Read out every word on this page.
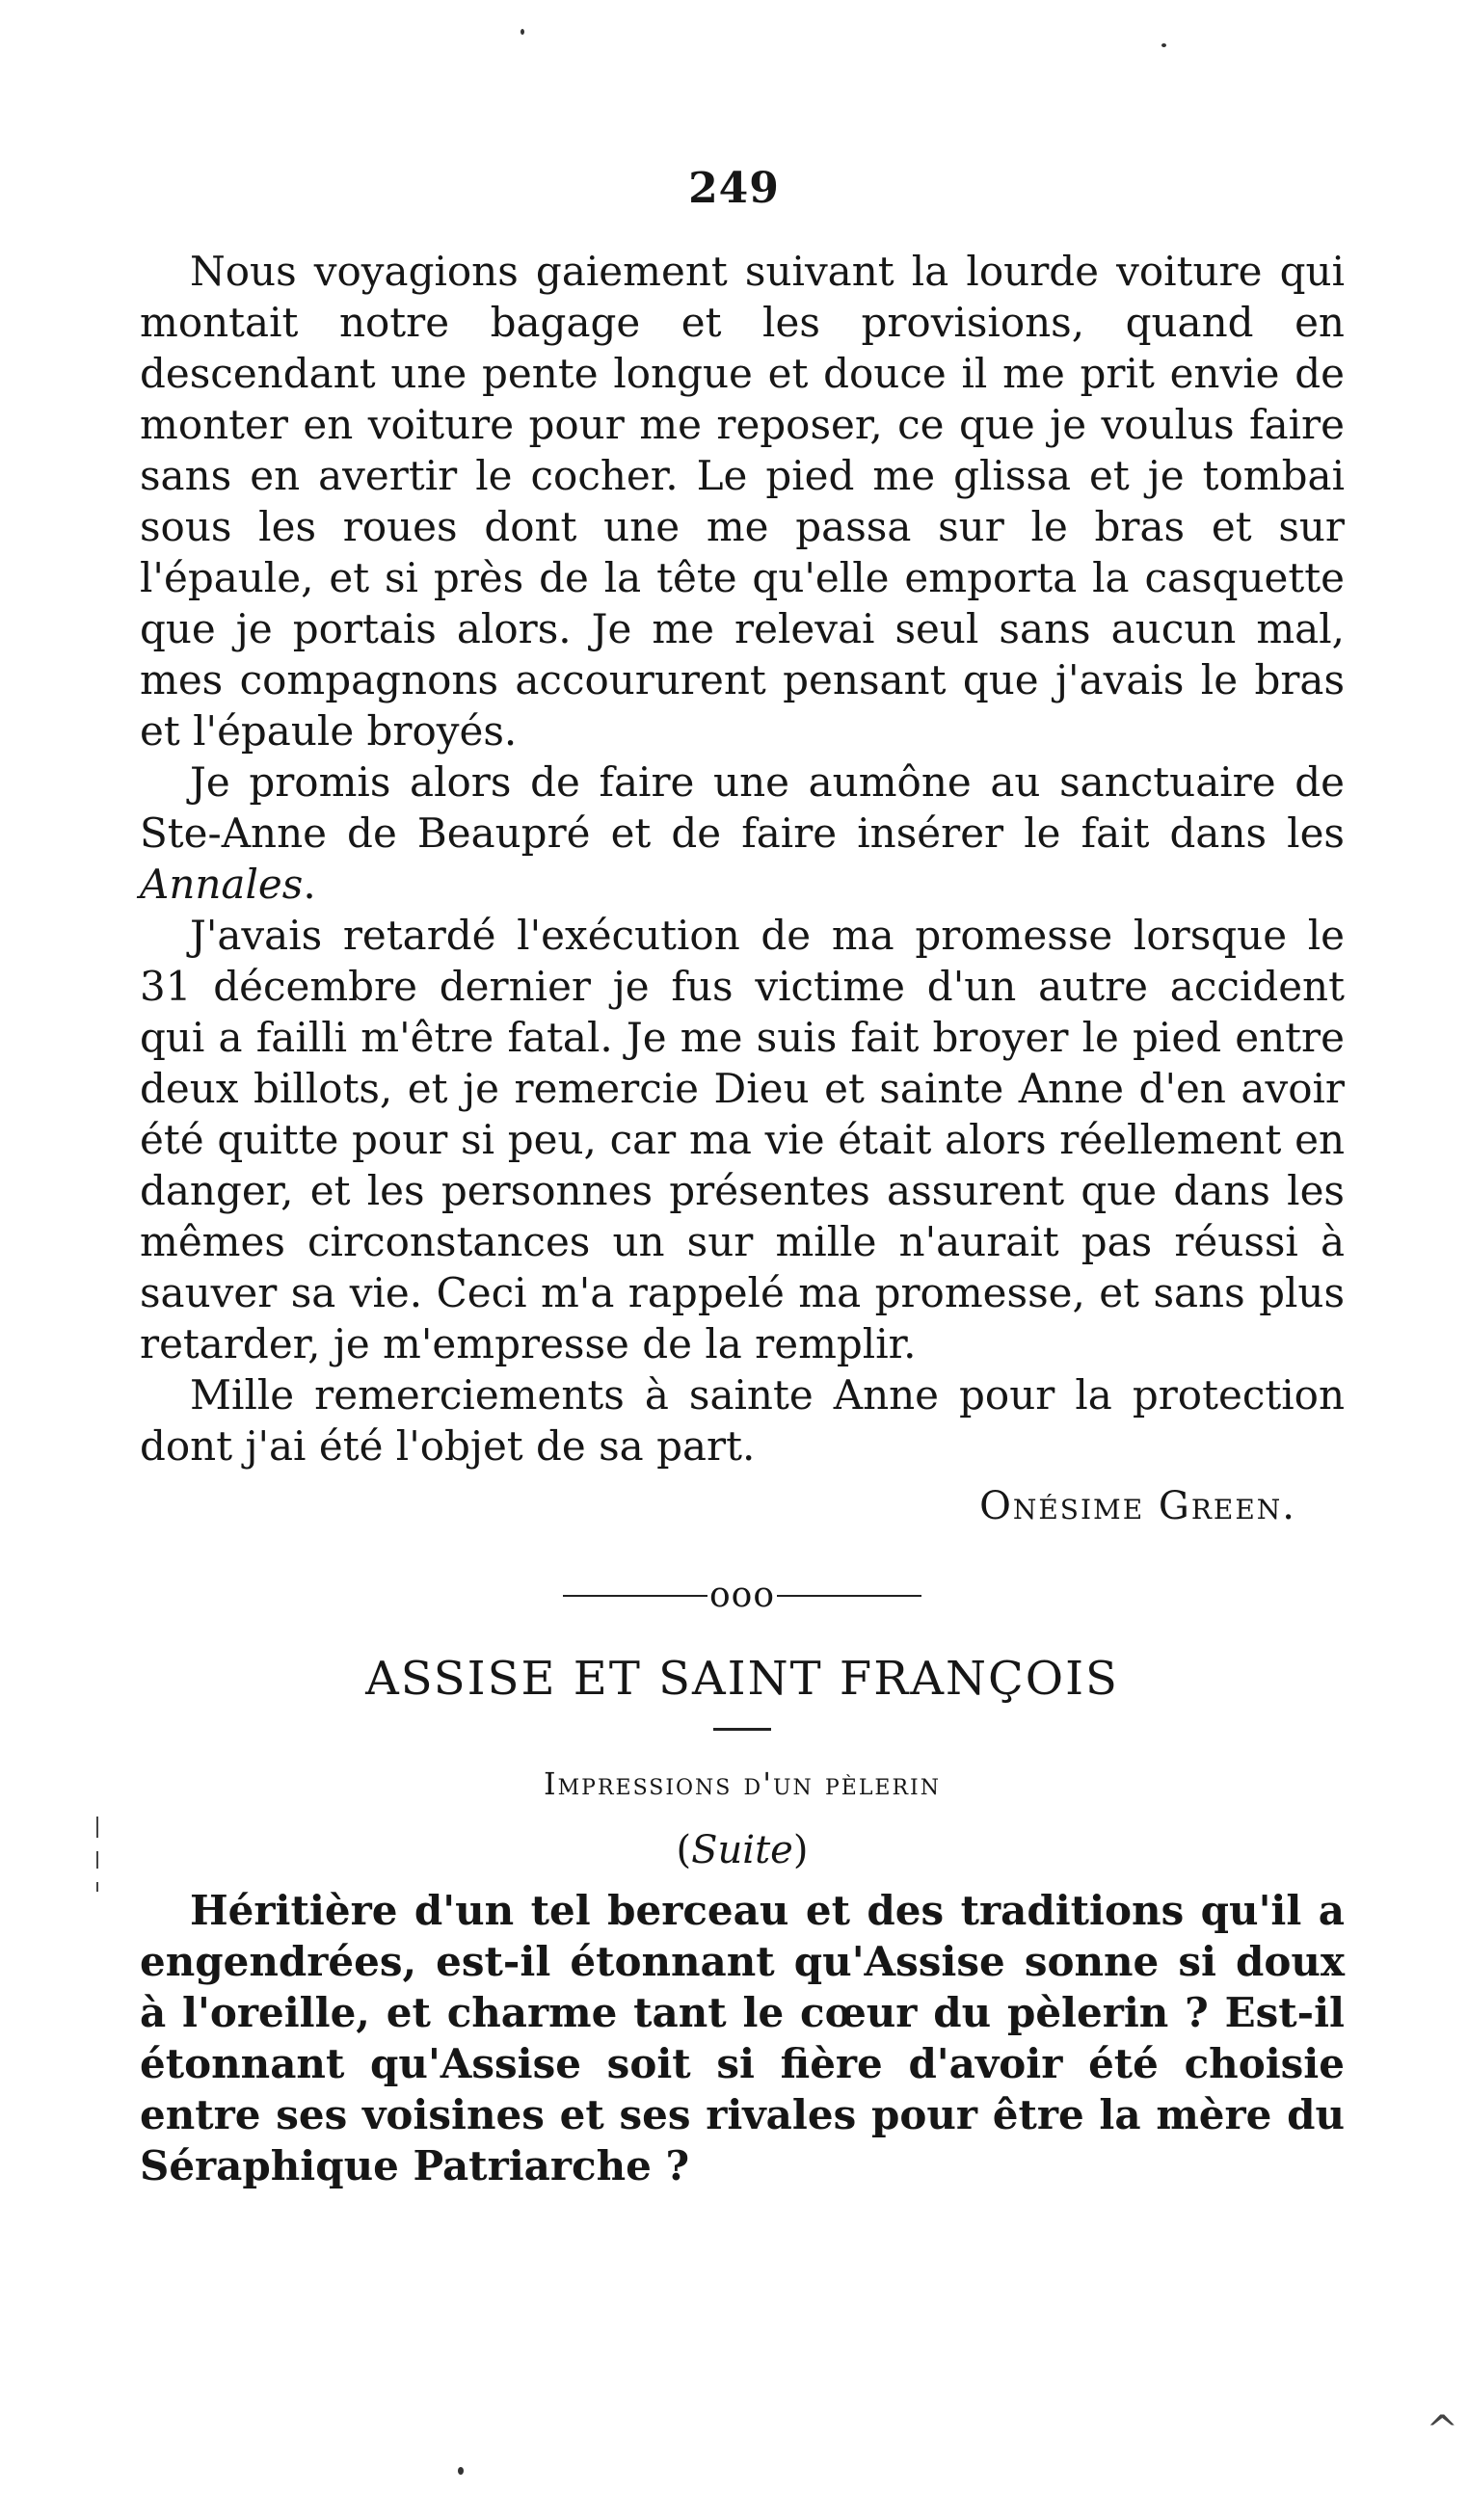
249

Nous voyagions gaiement suivant la lourde voiture qui montait notre bagage et les provisions, quand en descendant une pente longue et douce il me prit envie de monter en voiture pour me reposer, ce que je voulus faire sans en avertir le cocher. Le pied me glissa et je tombai sous les roues dont une me passa sur le bras et sur l'épaule, et si près de la tête qu'elle emporta la casquette que je portais alors. Je me relevai seul sans aucun mal, mes compagnons accoururent pensant que j'avais le bras et l'épaule broyés.

Je promis alors de faire une aumône au sanctuaire de Ste-Anne de Beaupré et de faire insérer le fait dans les Annales.

J'avais retardé l'exécution de ma promesse lorsque le 31 décembre dernier je fus victime d'un autre accident qui a failli m'être fatal. Je me suis fait broyer le pied entre deux billots, et je remercie Dieu et sainte Anne d'en avoir été quitte pour si peu, car ma vie était alors réellement en danger, et les personnes présentes assurent que dans les mêmes circonstances un sur mille n'aurait pas réussi à sauver sa vie. Ceci m'a rappelé ma promesse, et sans plus retarder, je m'empresse de la remplir.

Mille remerciements à sainte Anne pour la protection dont j'ai été l'objet de sa part.

Onésime Green.

ooo
ASSISE ET SAINT FRANÇOIS
Impressions d'un pèlerin
(Suite)

Héritière d'un tel berceau et des traditions qu'il a engendrées, est-il étonnant qu'Assise sonne si doux à l'oreille, et charme tant le cœur du pèlerin ? Est-il étonnant qu'Assise soit si fière d'avoir été choisie entre ses voisines et ses rivales pour être la mère du Séraphique Patriarche ?

^
